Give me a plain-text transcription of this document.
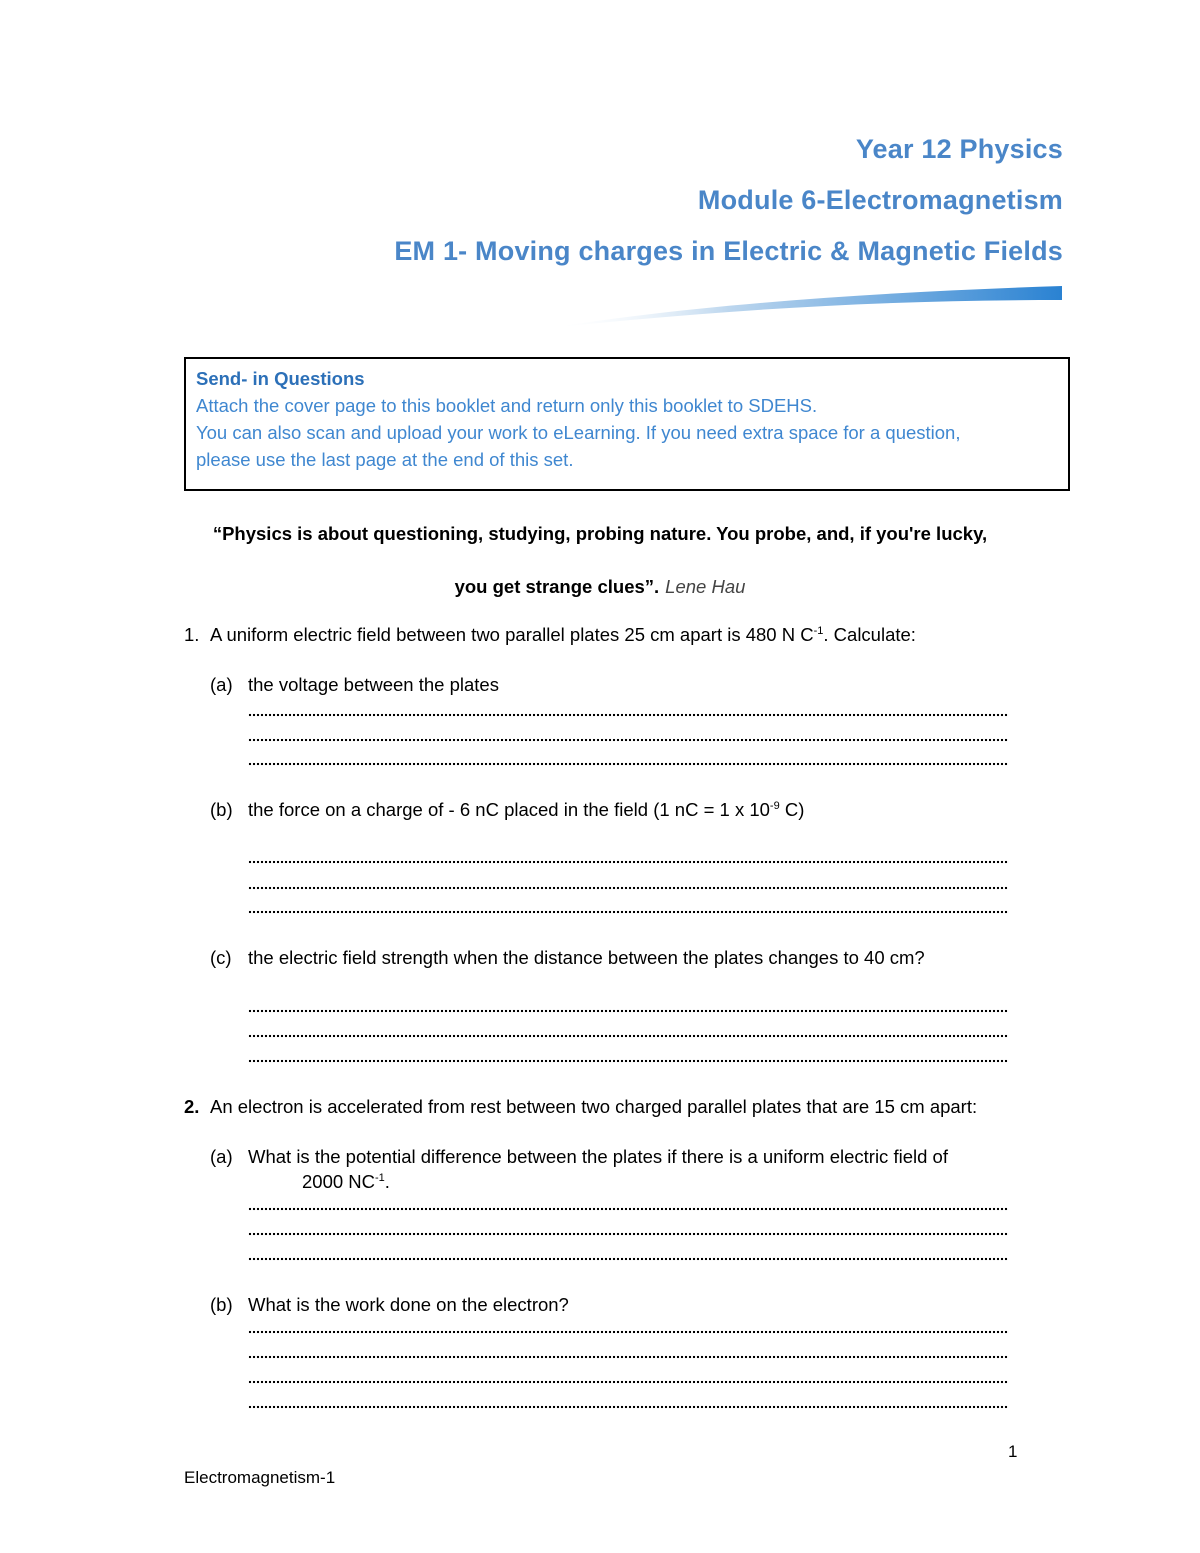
Year 12 Physics
Module 6-Electromagnetism
EM 1- Moving charges in Electric & Magnetic Fields
Send- in Questions
Attach the cover page to this booklet and return only this booklet to SDEHS.
You can also scan and upload your work to eLearning. If you need extra space for a question,
please use the last page at the end of this set.
“Physics is about questioning, studying, probing nature. You probe, and, if you're lucky,
you get strange clues”. Lene Hau
1. A uniform electric field between two parallel plates 25 cm apart is 480 N $C^{-1}$. Calculate:
(a) the voltage between the plates
(b) the force on a charge of - 6 nC placed in the field (1 nC = 1 x $10^{-9}$ C)
(c) the electric field strength when the distance between the plates changes to 40 cm?
2. An electron is accelerated from rest between two charged parallel plates that are 15 cm apart:
(a) What is the potential difference between the plates if there is a uniform electric field of
2000 $NC^{-1}$.
(b) What is the work done on the electron?
1
Electromagnetism-1
